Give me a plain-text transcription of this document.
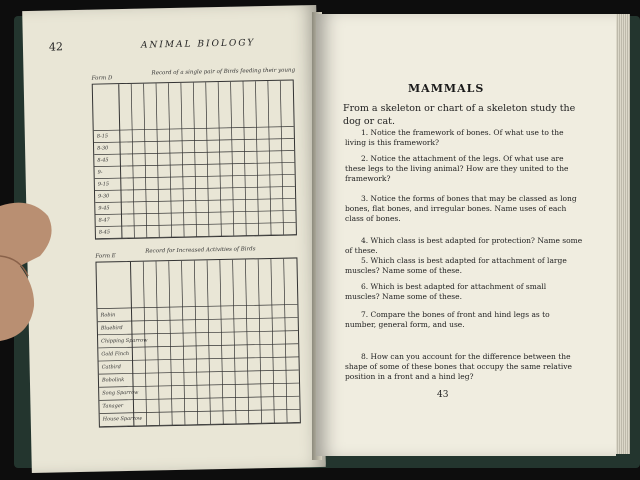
42	ANIMAL BIOLOGY
Form D
Record of a single pair of Birds feeding their young
8-15
8-30
8-45
9-
9-15
9-30
9-45
8-47
8-45
Form E
Record for Increased Activities of Birds
Robin
Bluebird
Chipping Sparrow
Gold Finch
Catbird
Bobolink
Song Sparrow
Tanager
House Sparrow
MAMMALS
From a skeleton or chart of a skeleton study the dog or cat.
1. Notice the framework of bones. Of what use to the living is this framework?
2. Notice the attachment of the legs. Of what use are these legs to the living animal? How are they united to the framework?
3. Notice the forms of bones that may be classed as long bones, flat bones, and irregular bones. Name uses of each class of bones.
4. Which class is best adapted for protection? Name some of these.
5. Which class is best adapted for attachment of large muscles? Name some of these.
6. Which is best adapted for attachment of small muscles? Name some of these.
7. Compare the bones of front and hind legs as to number, general form, and use.
8. How can you account for the difference between the shape of some of these bones that occupy the same relative position in a front and a hind leg?
43
